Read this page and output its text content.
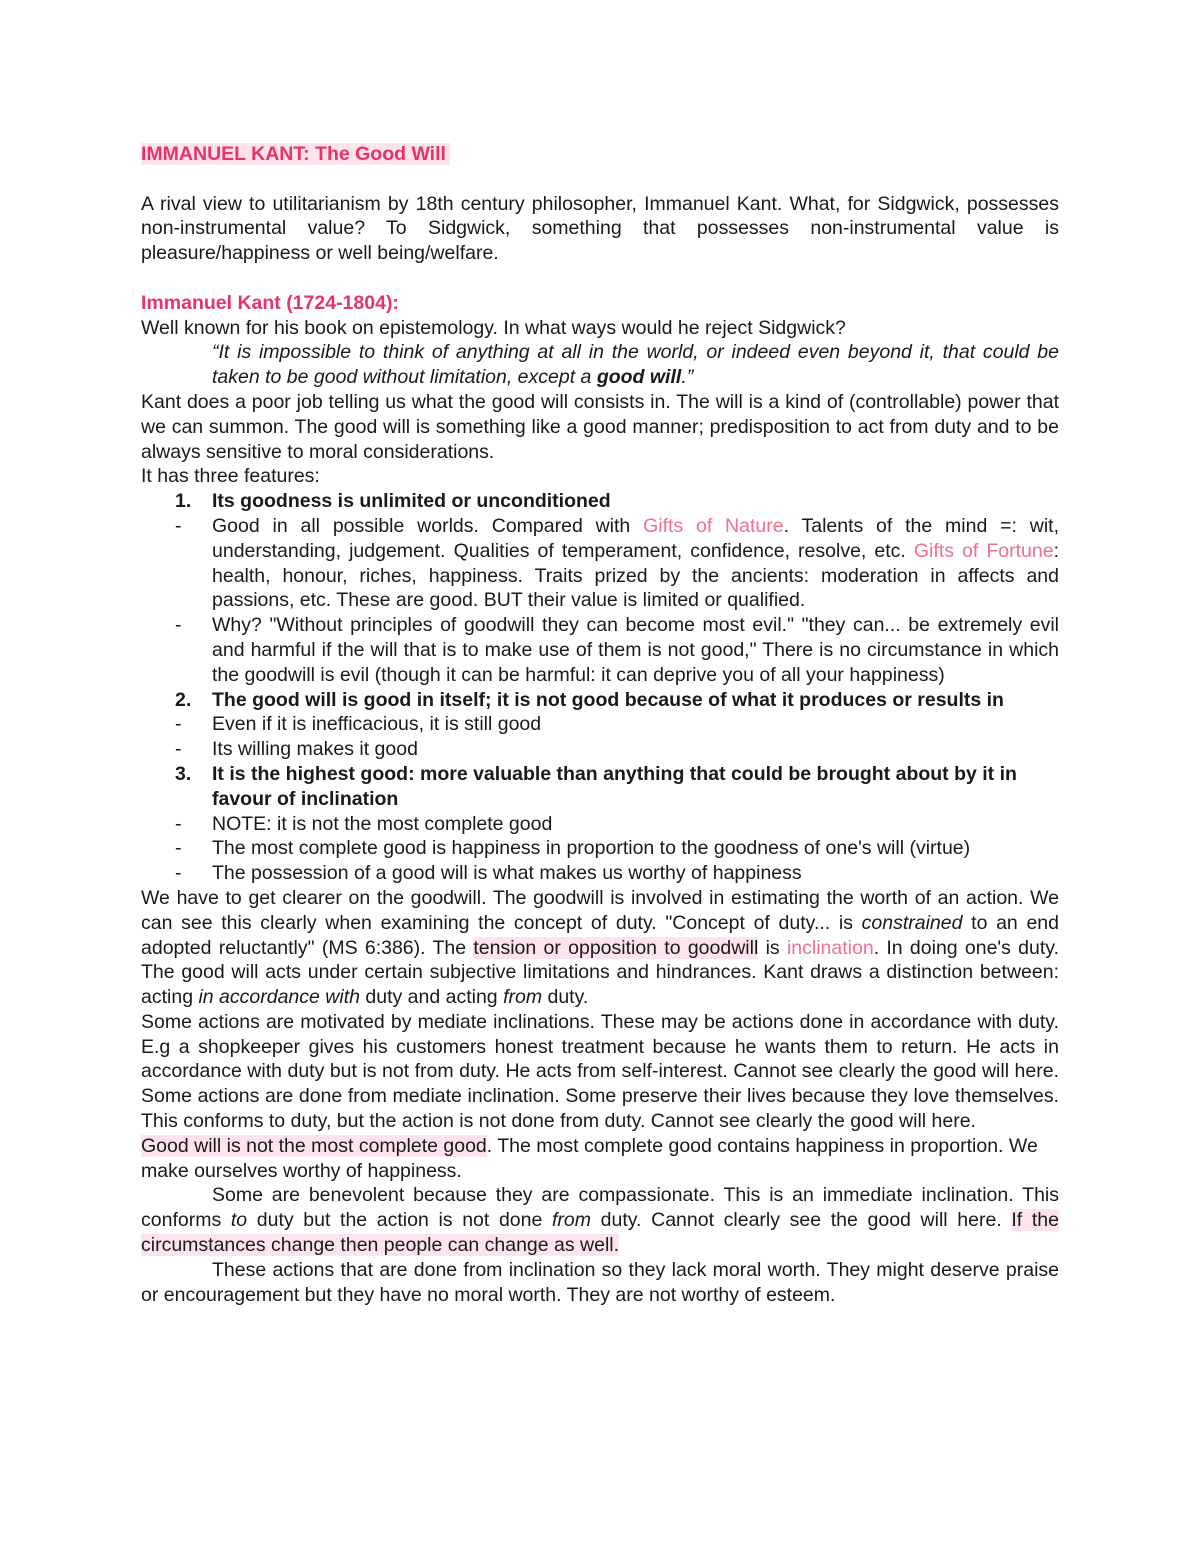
IMMANUEL KANT: The Good Will

A rival view to utilitarianism by 18th century philosopher, Immanuel Kant. What, for Sidgwick, possesses non-instrumental value? To Sidgwick, something that possesses non-instrumental value is pleasure/happiness or well being/welfare.

Immanuel Kant (1724-1804):

Well known for his book on epistemology. In what ways would he reject Sidgwick?

“It is impossible to think of anything at all in the world, or indeed even beyond it, that could be taken to be good without limitation, except a good will.”

Kant does a poor job telling us what the good will consists in. The will is a kind of (controllable) power that we can summon. The good will is something like a good manner; predisposition to act from duty and to be always sensitive to moral considerations.

It has three features:

1. Its goodness is unlimited or unconditioned
- Good in all possible worlds. Compared with Gifts of Nature. Talents of the mind =: wit, understanding, judgement. Qualities of temperament, confidence, resolve, etc. Gifts of Fortune: health, honour, riches, happiness. Traits prized by the ancients: moderation in affects and passions, etc. These are good. BUT their value is limited or qualified.
- Why? "Without principles of goodwill they can become most evil." "they can... be extremely evil and harmful if the will that is to make use of them is not good," There is no circumstance in which the goodwill is evil (though it can be harmful: it can deprive you of all your happiness)
2. The good will is good in itself; it is not good because of what it produces or results in
- Even if it is inefficacious, it is still good
- Its willing makes it good
3. It is the highest good: more valuable than anything that could be brought about by it in favour of inclination
- NOTE: it is not the most complete good
- The most complete good is happiness in proportion to the goodness of one's will (virtue)
- The possession of a good will is what makes us worthy of happiness

We have to get clearer on the goodwill. The goodwill is involved in estimating the worth of an action. We can see this clearly when examining the concept of duty. "Concept of duty... is constrained to an end adopted reluctantly" (MS 6:386). The tension or opposition to goodwill is inclination. In doing one's duty. The good will acts under certain subjective limitations and hindrances. Kant draws a distinction between: acting in accordance with duty and acting from duty.

Some actions are motivated by mediate inclinations. These may be actions done in accordance with duty. E.g a shopkeeper gives his customers honest treatment because he wants them to return. He acts in accordance with duty but is not from duty. He acts from self-interest. Cannot see clearly the good will here. Some actions are done from mediate inclination. Some preserve their lives because they love themselves. This conforms to duty, but the action is not done from duty. Cannot see clearly the good will here.

Good will is not the most complete good. The most complete good contains happiness in proportion. We make ourselves worthy of happiness.

Some are benevolent because they are compassionate. This is an immediate inclination. This conforms to duty but the action is not done from duty. Cannot clearly see the good will here. If the circumstances change then people can change as well.

These actions that are done from inclination so they lack moral worth. They might deserve praise or encouragement but they have no moral worth. They are not worthy of esteem.
